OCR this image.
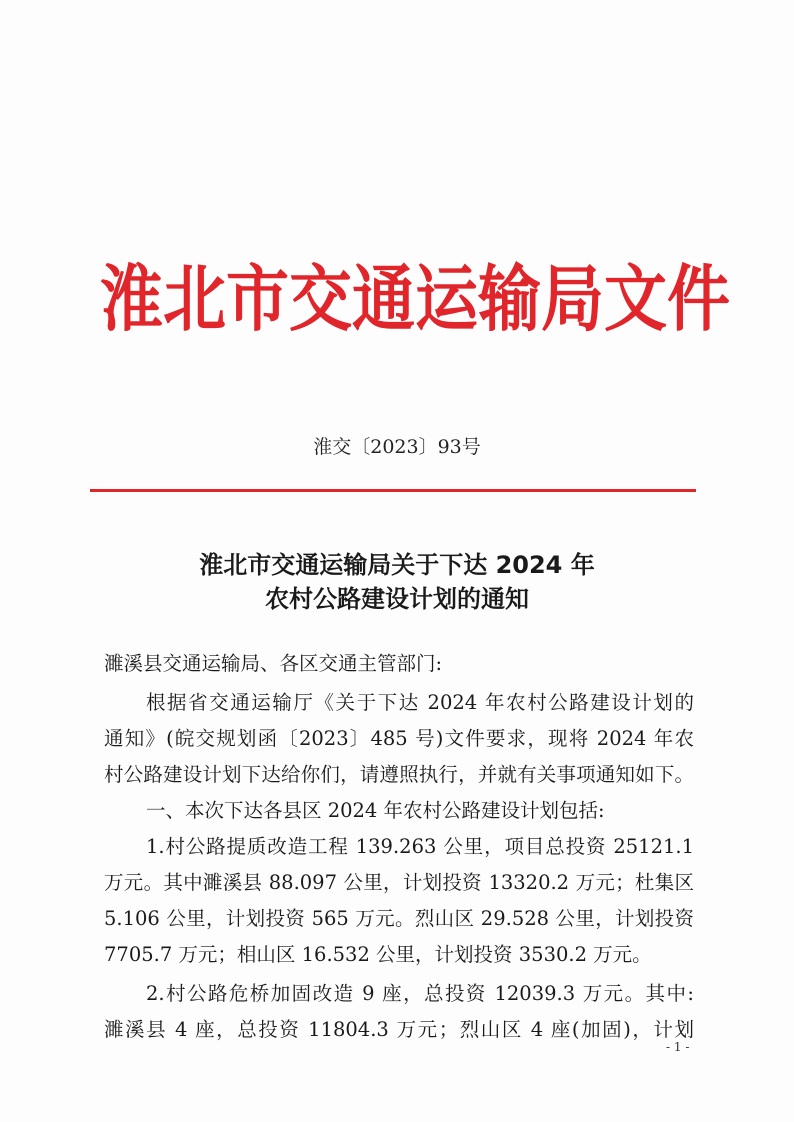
淮北市交通运输局文件
淮交〔2023〕93号
淮北市交通运输局关于下达 2024 年
农村公路建设计划的通知
濉溪县交通运输局、各区交通主管部门:
根据省交通运输厅《关于下达 2024 年农村公路建设计划的
通知》(皖交规划函〔2023〕485 号)文件要求，现将 2024 年农
村公路建设计划下达给你们，请遵照执行，并就有关事项通知如下。
一、本次下达各县区 2024 年农村公路建设计划包括:
1.村公路提质改造工程 139.263 公里，项目总投资 25121.1
万元。其中濉溪县 88.097 公里，计划投资 13320.2 万元；杜集区
5.106 公里，计划投资 565 万元。烈山区 29.528 公里，计划投资
7705.7 万元；相山区 16.532 公里，计划投资 3530.2 万元。
2.村公路危桥加固改造 9 座，总投资 12039.3 万元。其中:
濉溪县 4 座，总投资 11804.3 万元；烈山区 4 座(加固)，计划
- 1 -
